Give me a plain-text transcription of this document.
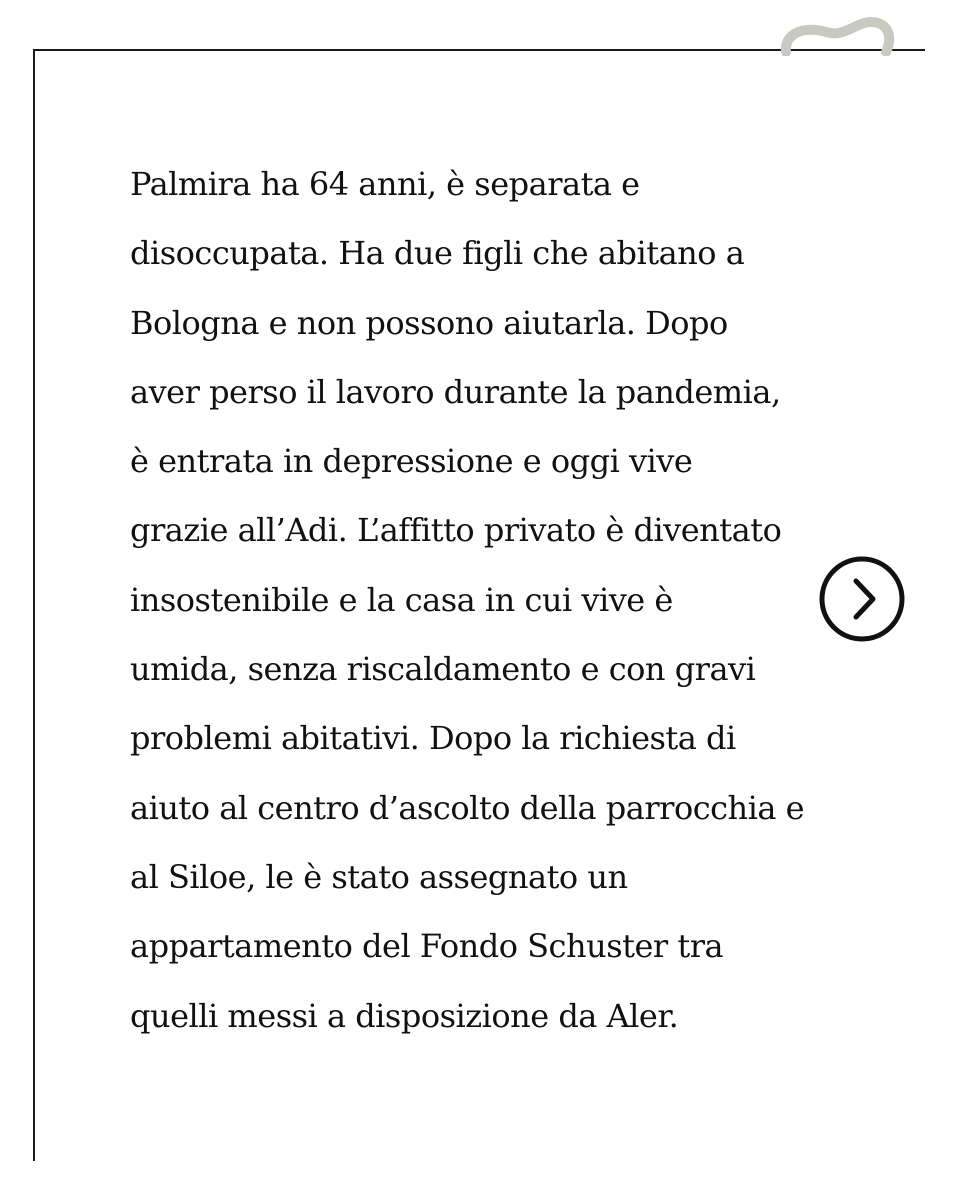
Palmira ha 64 anni, è separata e
disoccupata. Ha due figli che abitano a
Bologna e non possono aiutarla. Dopo
aver perso il lavoro durante la pandemia,
è entrata in depressione e oggi vive
grazie all’Adi. L’affitto privato è diventato
insostenibile e la casa in cui vive è
umida, senza riscaldamento e con gravi
problemi abitativi. Dopo la richiesta di
aiuto al centro d’ascolto della parrocchia e
al Siloe, le è stato assegnato un
appartamento del Fondo Schuster tra
quelli messi a disposizione da Aler.
